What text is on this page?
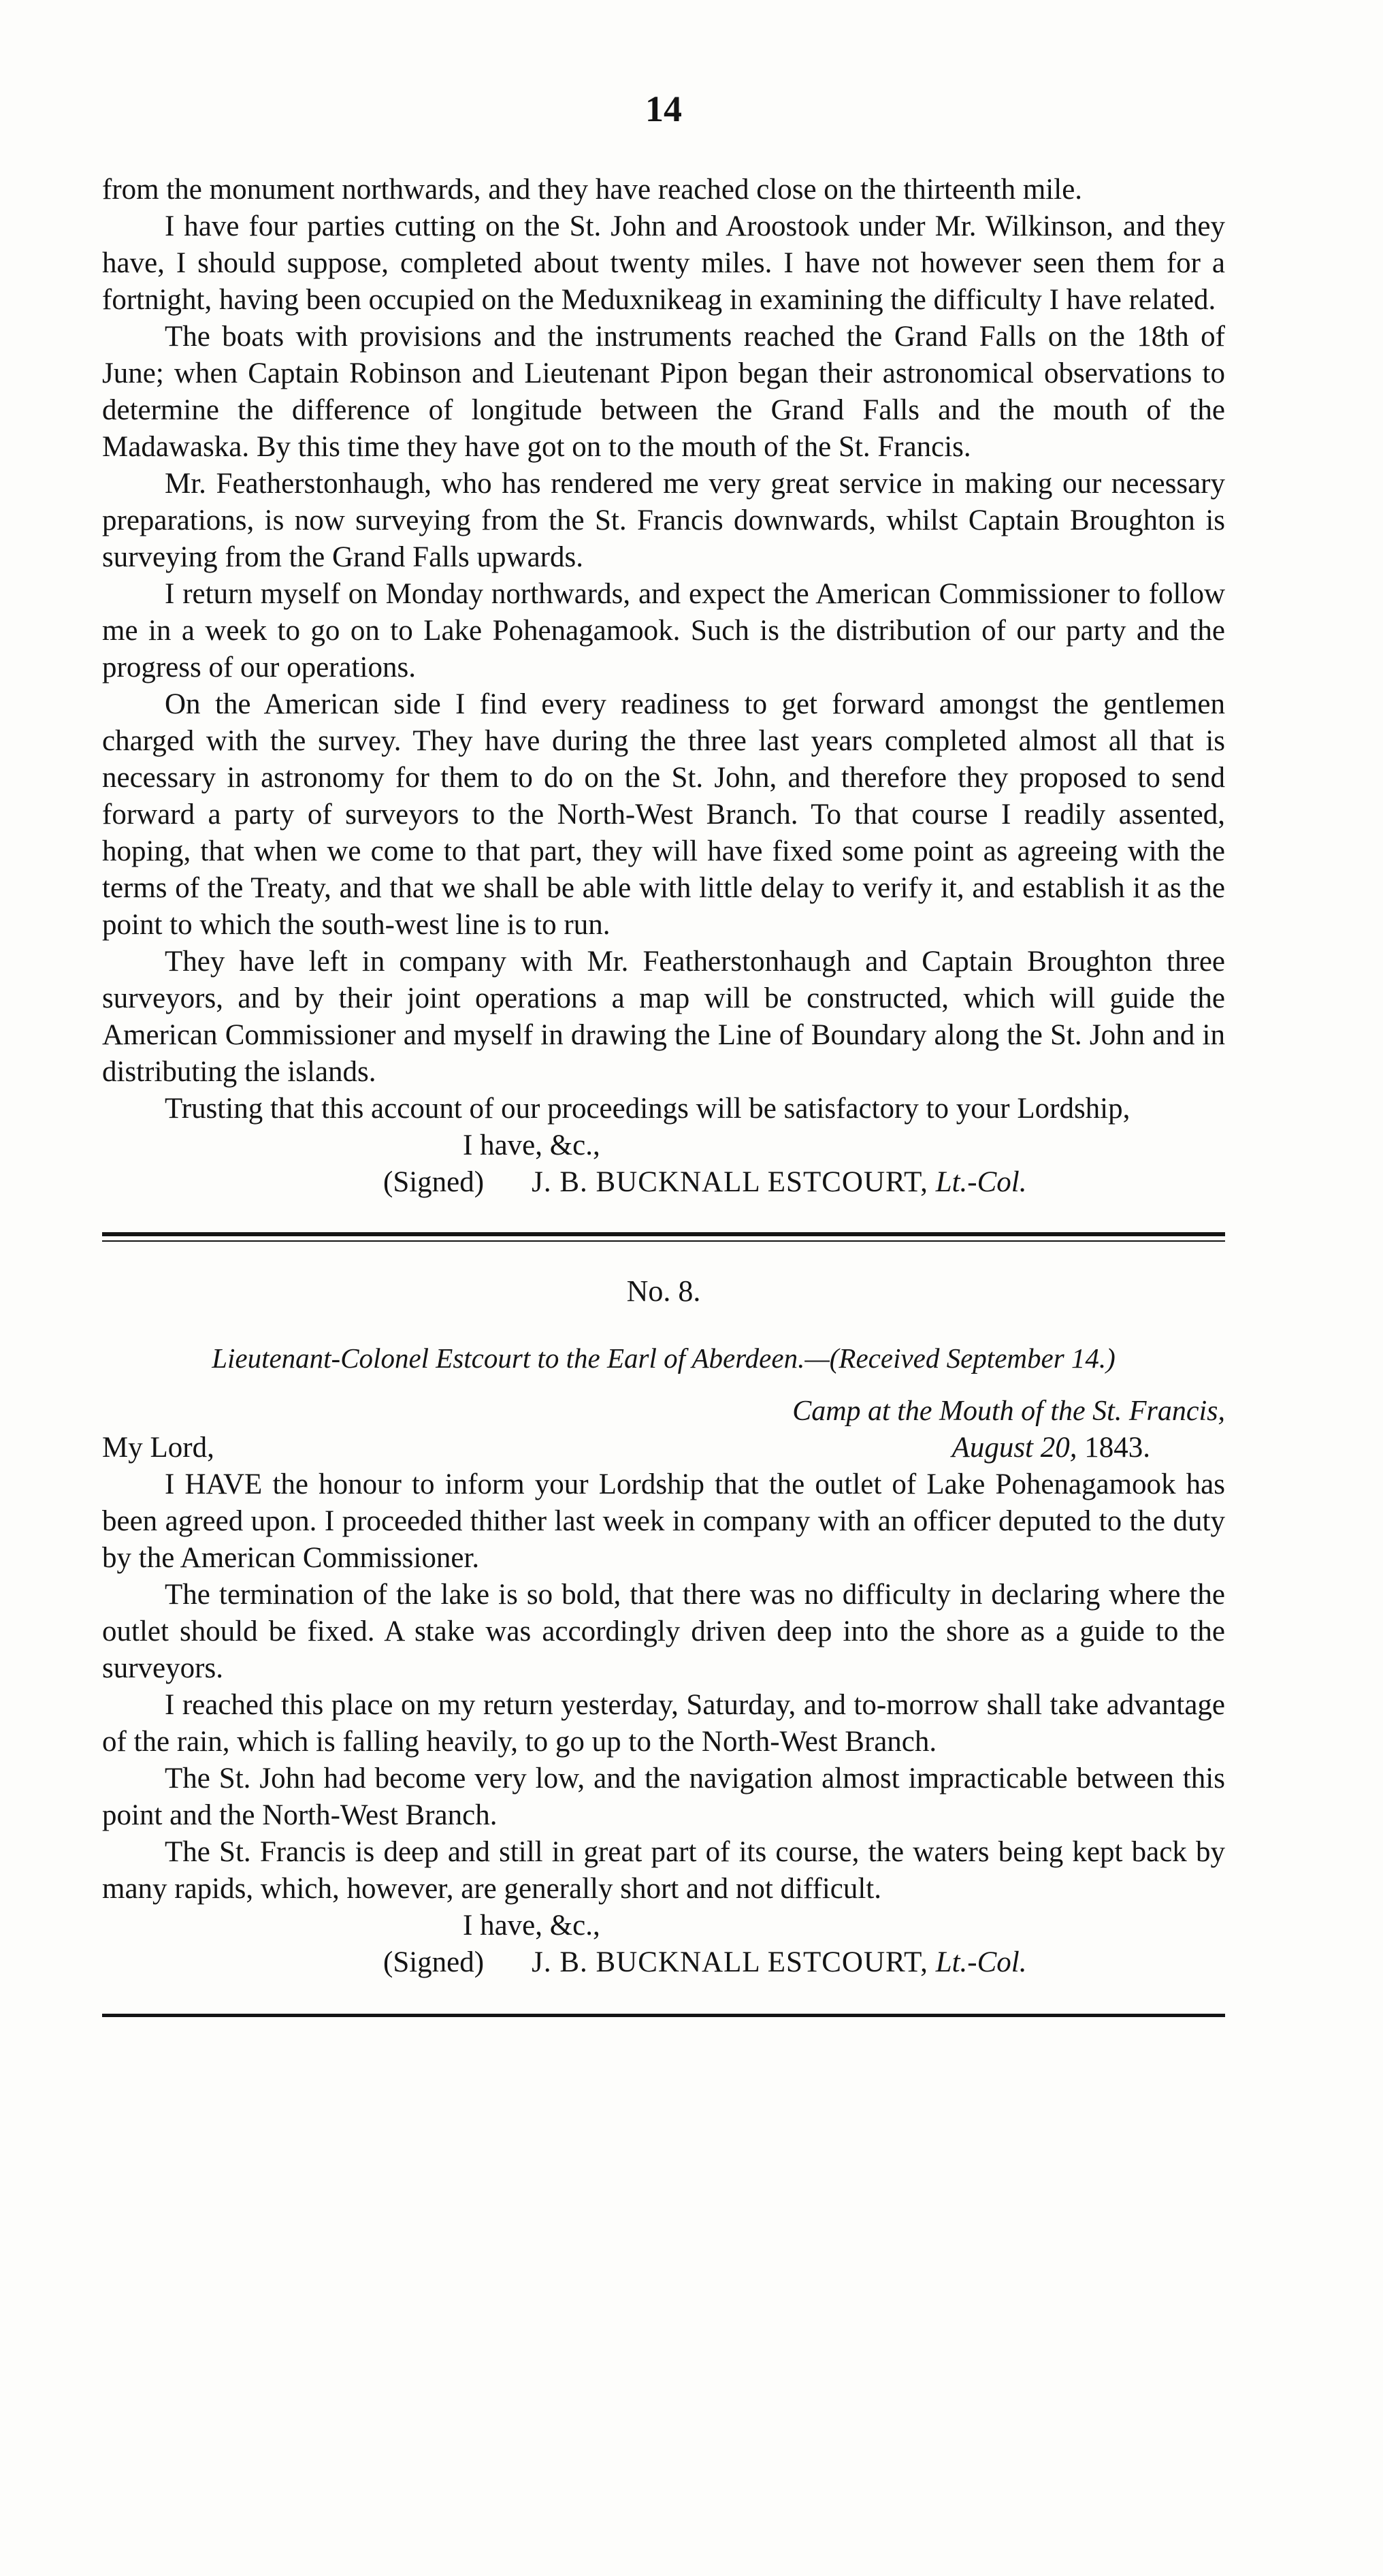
14

from the monument northwards, and they have reached close on the thirteenth mile.

I have four parties cutting on the St. John and Aroostook under Mr. Wilkinson, and they have, I should suppose, completed about twenty miles. I have not however seen them for a fortnight, having been occupied on the Meduxnikeag in examining the difficulty I have related.

The boats with provisions and the instruments reached the Grand Falls on the 18th of June; when Captain Robinson and Lieutenant Pipon began their astronomical observations to determine the difference of longitude between the Grand Falls and the mouth of the Madawaska. By this time they have got on to the mouth of the St. Francis.

Mr. Featherstonhaugh, who has rendered me very great service in making our necessary preparations, is now surveying from the St. Francis downwards, whilst Captain Broughton is surveying from the Grand Falls upwards.

I return myself on Monday northwards, and expect the American Commissioner to follow me in a week to go on to Lake Pohenagamook. Such is the distribution of our party and the progress of our operations.

On the American side I find every readiness to get forward amongst the gentlemen charged with the survey. They have during the three last years completed almost all that is necessary in astronomy for them to do on the St. John, and therefore they proposed to send forward a party of surveyors to the North-West Branch. To that course I readily assented, hoping, that when we come to that part, they will have fixed some point as agreeing with the terms of the Treaty, and that we shall be able with little delay to verify it, and establish it as the point to which the south-west line is to run.

They have left in company with Mr. Featherstonhaugh and Captain Broughton three surveyors, and by their joint operations a map will be constructed, which will guide the American Commissioner and myself in drawing the Line of Boundary along the St. John and in distributing the islands.

Trusting that this account of our proceedings will be satisfactory to your Lordship,

I have, &c.,

(Signed) J. B. BUCKNALL ESTCOURT, Lt.-Col.

No. 8.
Lieutenant-Colonel Estcourt to the Earl of Aberdeen.—(Received September 14.)
Camp at the Mouth of the St. Francis,
My Lord,	August 20, 1843.

I HAVE the honour to inform your Lordship that the outlet of Lake Pohenagamook has been agreed upon. I proceeded thither last week in company with an officer deputed to the duty by the American Commissioner.

The termination of the lake is so bold, that there was no difficulty in declaring where the outlet should be fixed. A stake was accordingly driven deep into the shore as a guide to the surveyors.

I reached this place on my return yesterday, Saturday, and to-morrow shall take advantage of the rain, which is falling heavily, to go up to the North-West Branch.

The St. John had become very low, and the navigation almost impracticable between this point and the North-West Branch.

The St. Francis is deep and still in great part of its course, the waters being kept back by many rapids, which, however, are generally short and not difficult.

I have, &c.,

(Signed) J. B. BUCKNALL ESTCOURT, Lt.-Col.
